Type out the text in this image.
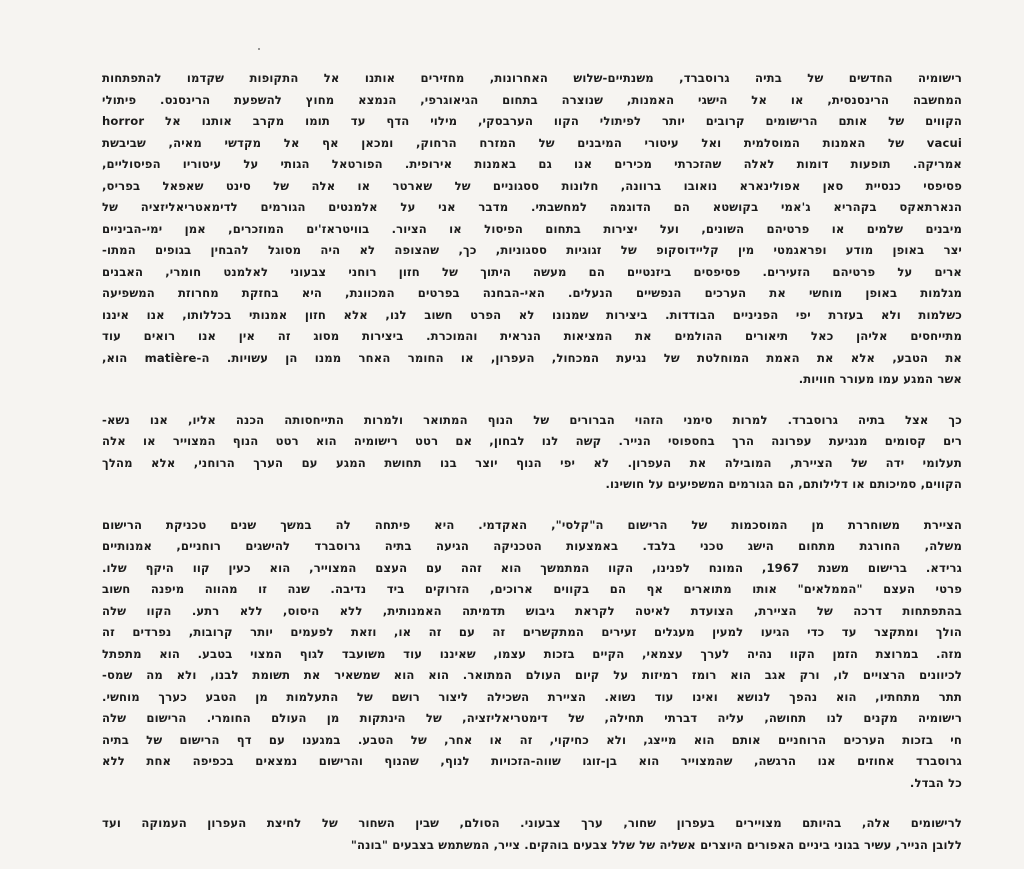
רישומיה החדשים של בתיה גרוסברד, משנתיים-שלוש האחרונות, מחזירים אותנו אל התקופות שקדמו להתפתחות
המחשבה הרינסנסית, או אל הישגי האמנות, שנוצרה בתחום הגיאוגרפי, הנמצא מחוץ להשפעת הרינסנס. פיתולי
הקווים של אותם הרישומים קרובים יותר לפיתולי הקוו הערבסקי, מילוי הדף עד תומו מקרב אותנו אל horror
vacui של האמנות המוסלמית ואל עיטורי המיבנים של המזרח הרחוק, ומכאן אף אל מקדשי מאיה, שביבשת
אמריקה. תופעות דומות לאלה שהזכרתי מכירים אנו גם באמנות אירופית. הפורטאל הגותי על עיטוריו הפיסוליים,
פסיפסי כנסיית סאן אפולינארא נואובו ברוונה, חלונות ססגוניים של שארטר או אלה של סינט שאפאל בפריס,
הנארתאקס בקהריא ג'אמי בקושטא הם הדוגמה למחשבתי. מדבר אני על אלמנטים הגורמים לדימאטריאליזציה של
מיבנים שלמים או פרטיהם השונים, ועל יצירות בתחום הפיסול או הציור. בוויטראז'ים המוזכרים, אמן ימי-הביניים
יצר באופן מודע ופראגמטי מין קליידוסקופ של זגוגיות ססגוניות, כך, שהצופה לא היה מסוגל להבחין בגופים המתו-
ארים על פרטיהם הזעירים. פסיפסים ביזנטיים הם מעשה היתוך של חזון רוחני צבעוני לאלמנט חומרי, האבנים
מגלמות באופן מוחשי את הערכים הנפשיים הנעלים. האי-הבחנה בפרטים המכוונת, היא בחזקת מחרוזת המשפיעה
כשלמות ולא בעזרת יפי הפניניים הבודדות. ביצירות שמנונו לא הפרט חשוב לנו, אלא חזון אמנותי בכללותו, אנו איננו
מתייחסים אליהן כאל תיאורים ההולמים את המציאות הנראית והמוכרת. ביצירות מסוג זה אין אנו רואים עוד
את הטבע, אלא את האמת המוחלטת של נגיעת המכחול, העפרון, או החומר האחר ממנו הן עשויות. ה-matière הוא,
אשר המגע עמו מעורר חוויות.

כך אצל בתיה גרוסברד. למרות סימני הזהוי הברורים של הנוף המתואר ולמרות התייחסותה הכנה אליו, אנו נשא-
רים קסומים מנגיעת עפרונה הרך בחספוסי הנייר. קשה לנו לבחון, אם רטט רישומיה הוא רטט הנוף המצוייר או אלה
תעלומי ידה של הציירת, המובילה את העפרון. לא יפי הנוף יוצר בנו תחושת המגע עם הערך הרוחני, אלא מהלך
הקווים, סמיכותם או דלילותם, הם הגורמים המשפיעים על חושינו.

הציירת משוחררת מן המוסכמות של הרישום ה"קלסי", האקדמי. היא פיתחה לה במשך שנים טכניקת הרישום
משלה, החורגת מתחום הישג טכני בלבד. באמצעות הטכניקה הגיעה בתיה גרוסברד להישגים רוחניים, אמנותיים
גרידא. ברישום משנת 1967, המונח לפנינו, הקוו המתמשך הוא זהה עם העצם המצוייר, הוא כעין קוו היקף שלו.
פרטי העצם "הממלאים" אותו מתוארים אף הם בקווים ארוכים, הזרוקים ביד נדיבה. שנה זו מהווה מיפנה חשוב
בהתפתחות דרכה של הציירת, הצועדת לאיטה לקראת גיבוש תדמיתה האמנותית, ללא היסוס, ללא רתע. הקוו שלה
הולך ומתקצר עד כדי הגיעו למעין מעגלים זעירים המתקשרים זה עם זה או, וזאת לפעמים יותר קרובות, נפרדים זה
מזה. במרוצת הזמן הקוו נהיה לערך עצמאי, הקיים בזכות עצמו, שאיננו עוד משועבד לגוף המצוי בטבע. הוא מתפתל
לכיוונים הרצויים לו, ורק אגב הוא רומז רמיזות על קיום העולם המתואר. הוא הוא שמשאיר את תשומת לבנו, ולא מה שמס-
תתר מתחתיו, הוא נהפך לנושא ואינו עוד נשוא. הציירת השכילה ליצור רושם של התעלמות מן הטבע כערך מוחשי.
רישומיה מקנים לנו תחושה, עליה דברתי תחילה, של דימטריאליזציה, של הינתקות מן העולם החומרי. הרישום שלה
חי בזכות הערכים הרוחניים אותם הוא מייצג, ולא כחיקוי, זה או אחר, של הטבע. במגענו עם דף הרישום של בתיה
גרוסברד אחוזים אנו הרגשה, שהמצוייר הוא בן-זוגו שווה-הזכויות לנוף, שהנוף והרישום נמצאים בכפיפה אחת ללא
כל הבדל.

לרישומים אלה, בהיותם מצויירים בעפרון שחור, ערך צבעוני. הסולם, שבין השחור של לחיצת העפרון העמוקה ועד
ללובן הנייר, עשיר בגוני ביניים האפורים היוצרים אשליה של שלל צבעים בוהקים. צייר, המשתמש בצבעים "בונה"
